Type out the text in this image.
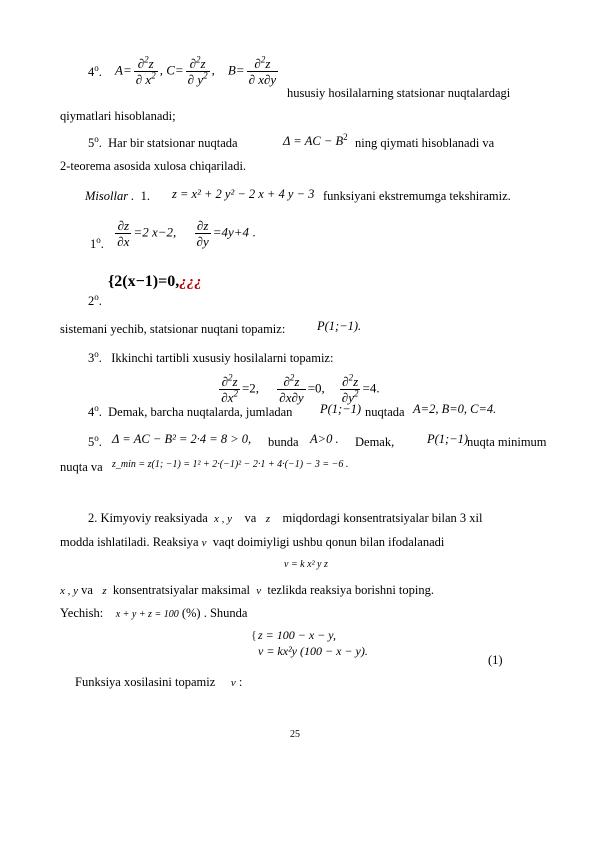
4$^o$. $A= \frac{\partial^2z}{\partial x^2}$ , $C= \frac{\partial^2z}{\partial y^2}$ ,    $B= \frac{\partial^2z}{\partial x\partial y}$
hususiy hosilalarning statsionar nuqtalardagi
qiymatlari hisoblanadi;
5$^o$.  Har bir statsionar nuqtada	Δ = AC − $B^2$ ning qiymati hisoblanadi va
2-teorema asosida xulosa chiqariladi.
Misollar . 1. z = x² + 2 y² − 2 x + 4 y − 3 funksiyani ekstremumga tekshiramiz.
1$^o$. $\frac{\partial z}{\partial x} =2$ x−2, $\frac{\partial z}{\partial y} =4y+4$ .
2$^o$.
{2(x−1)=0,¿¿¿
sistemani yechib, statsionar nuqtani topamiz:	P(1;−1).
3$^o$.   Ikkinchi tartibli xususiy hosilalarni topamiz:
$\frac{\partial^2z}{\partial x^2} =2$, $\frac{\partial^2z}{\partial x\partial y} =0$, $\frac{\partial^2z}{\partial y^2} =4$.
4$^o$.  Demak, barcha nuqtalarda, jumladan P(1;−1) nuqtada A=2, B=0, C=4.
5$^o$. Δ = AC − B² = 2·4 = 8 > 0, bunda A>0 . Demak,	P(1;−1)
nuqta minimum
nuqta va z_min = z(1; −1) = 1² + 2·(−1)² − 2·1 + 4·(−1) − 3 = −6 .
2. Kimyoviy reaksiyada x , y va z miqdordagi konsentratsiyalar bilan 3 xil
modda ishlatiladi. Reaksiya v vaqt doimiyligi ushbu qonun bilan ifodalanadi
v = k x² y z
x , y va z konsentratsiyalar maksimal v tezlikda reaksiya borishni toping.
Yechish: x + y + z = 100 (%) . Shunda
{ z = 100 − x − y,
v = kx²y (100 − x − y).
(1)
Funksiya xosilasini topamiz v :
25
